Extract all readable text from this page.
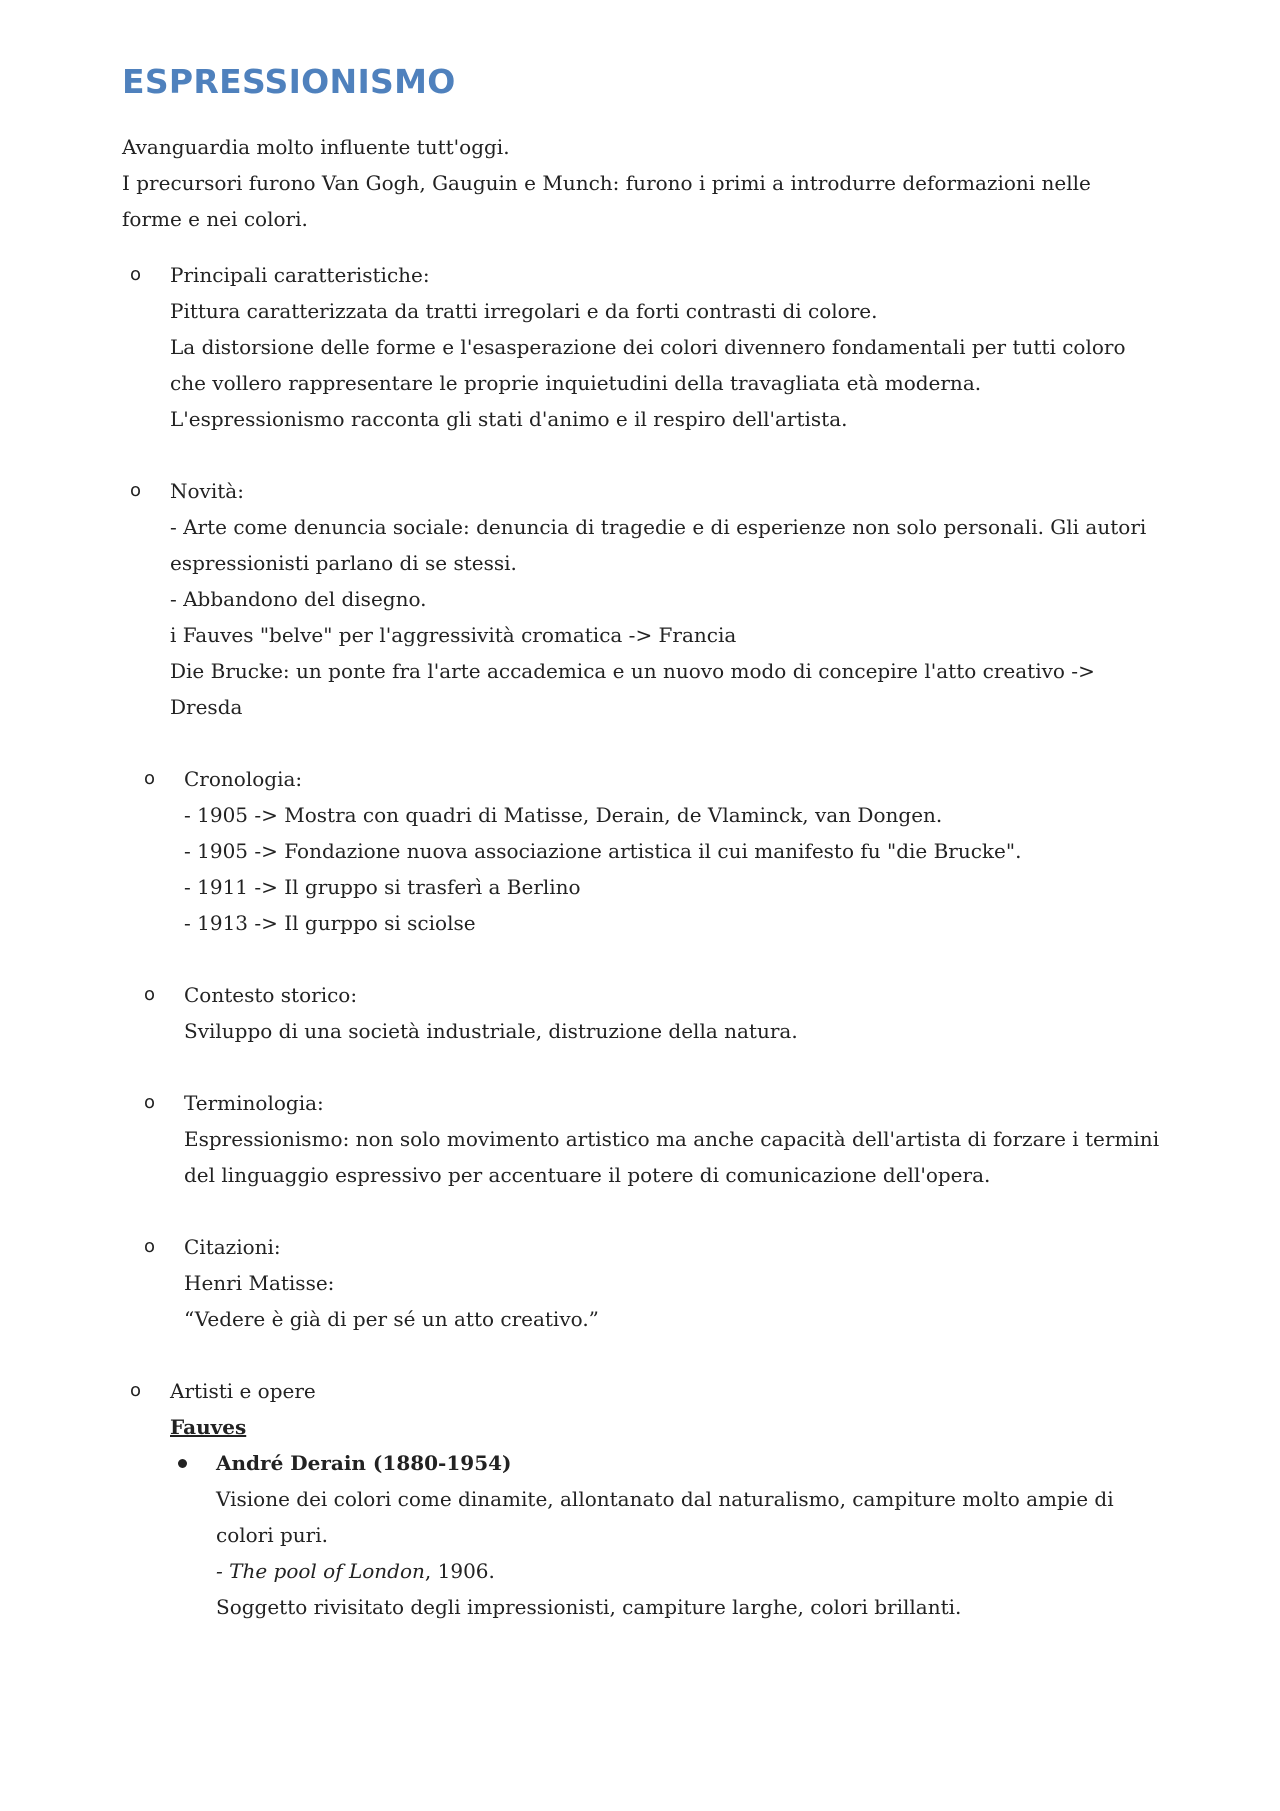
ESPRESSIONISMO

Avanguardia molto influente tutt'oggi.

I precursori furono Van Gogh, Gauguin e Munch: furono i primi a introdurre deformazioni nelle

forme e nei colori.

o Principali caratteristiche:

Pittura caratterizzata da tratti irregolari e da forti contrasti di colore.

La distorsione delle forme e l'esasperazione dei colori divennero fondamentali per tutti coloro

che vollero rappresentare le proprie inquietudini della travagliata età moderna.

L'espressionismo racconta gli stati d'animo e il respiro dell'artista.

o Novità:

- Arte come denuncia sociale: denuncia di tragedie e di esperienze non solo personali. Gli autori

espressionisti parlano di se stessi.

- Abbandono del disegno.

i Fauves "belve" per l'aggressività cromatica -> Francia

Die Brucke: un ponte fra l'arte accademica e un nuovo modo di concepire l'atto creativo ->

Dresda

o Cronologia:

- 1905 -> Mostra con quadri di Matisse, Derain, de Vlaminck, van Dongen.

- 1905 -> Fondazione nuova associazione artistica il cui manifesto fu "die Brucke".

- 1911 -> Il gruppo si trasferì a Berlino

- 1913 -> Il gurppo si sciolse

o Contesto storico:

Sviluppo di una società industriale, distruzione della natura.

o Terminologia:

Espressionismo: non solo movimento artistico ma anche capacità dell'artista di forzare i termini

del linguaggio espressivo per accentuare il potere di comunicazione dell'opera.

o Citazioni:

Henri Matisse:

“Vedere è già di per sé un atto creativo.”

o Artisti e opere

Fauves

André Derain (1880-1954)

Visione dei colori come dinamite, allontanato dal naturalismo, campiture molto ampie di

colori puri.

- The pool of London, 1906.

Soggetto rivisitato degli impressionisti, campiture larghe, colori brillanti.
